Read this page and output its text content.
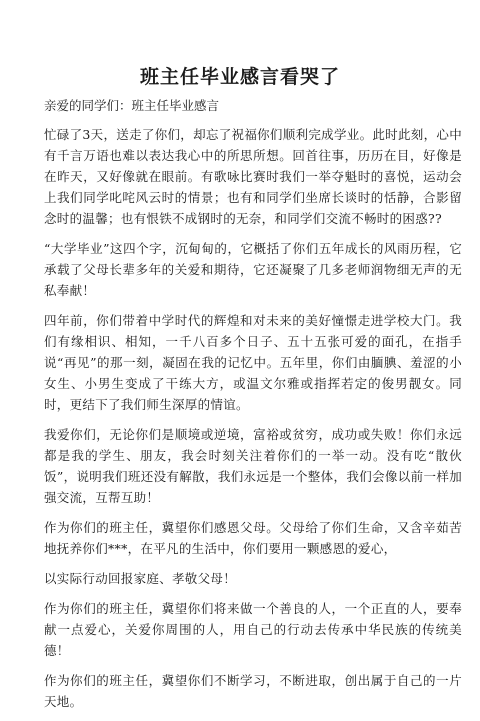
班主任毕业感言看哭了

亲爱的同学们：班主任毕业感言

忙碌了3天，送走了你们，却忘了祝福你们顺利完成学业。此时此刻，心中有千言万语也难以表达我心中的所思所想。回首往事，历历在目，好像是在昨天，又好像就在眼前。有歌咏比赛时我们一举夺魁时的喜悦，运动会上我们同学叱咤风云时的情景；也有和同学们坐席长谈时的恬静，合影留念时的温馨；也有恨铁不成钢时的无奈，和同学们交流不畅时的困惑??

“大学毕业”这四个字，沉甸甸的，它概括了你们五年成长的风雨历程，它承载了父母长辈多年的关爱和期待，它还凝聚了几多老师润物细无声的无私奉献！

四年前，你们带着中学时代的辉煌和对未来的美好憧憬走进学校大门。我们有缘相识、相知，一千八百多个日子、五十五张可爱的面孔，在指手说“再见”的那一刻，凝固在我的记忆中。五年里，你们由腼腆、羞涩的小女生、小男生变成了干练大方，或温文尔雅或指挥若定的俊男靓女。同时，更结下了我们师生深厚的情谊。

我爱你们，无论你们是顺境或逆境，富裕或贫穷，成功或失败！你们永远都是我的学生、朋友，我会时刻关注着你们的一举一动。没有吃“散伙饭”，说明我们班还没有解散，我们永远是一个整体，我们会像以前一样加强交流，互帮互助！

作为你们的班主任，冀望你们感恩父母。父母给了你们生命，又含辛茹苦地抚养你们***，在平凡的生活中，你们要用一颗感恩的爱心，

以实际行动回报家庭、孝敬父母！

作为你们的班主任，冀望你们将来做一个善良的人，一个正直的人，要奉献一点爱心，关爱你周围的人，用自己的行动去传承中华民族的传统美德！

作为你们的班主任，冀望你们不断学习，不断进取，创出属于自己的一片天地。
